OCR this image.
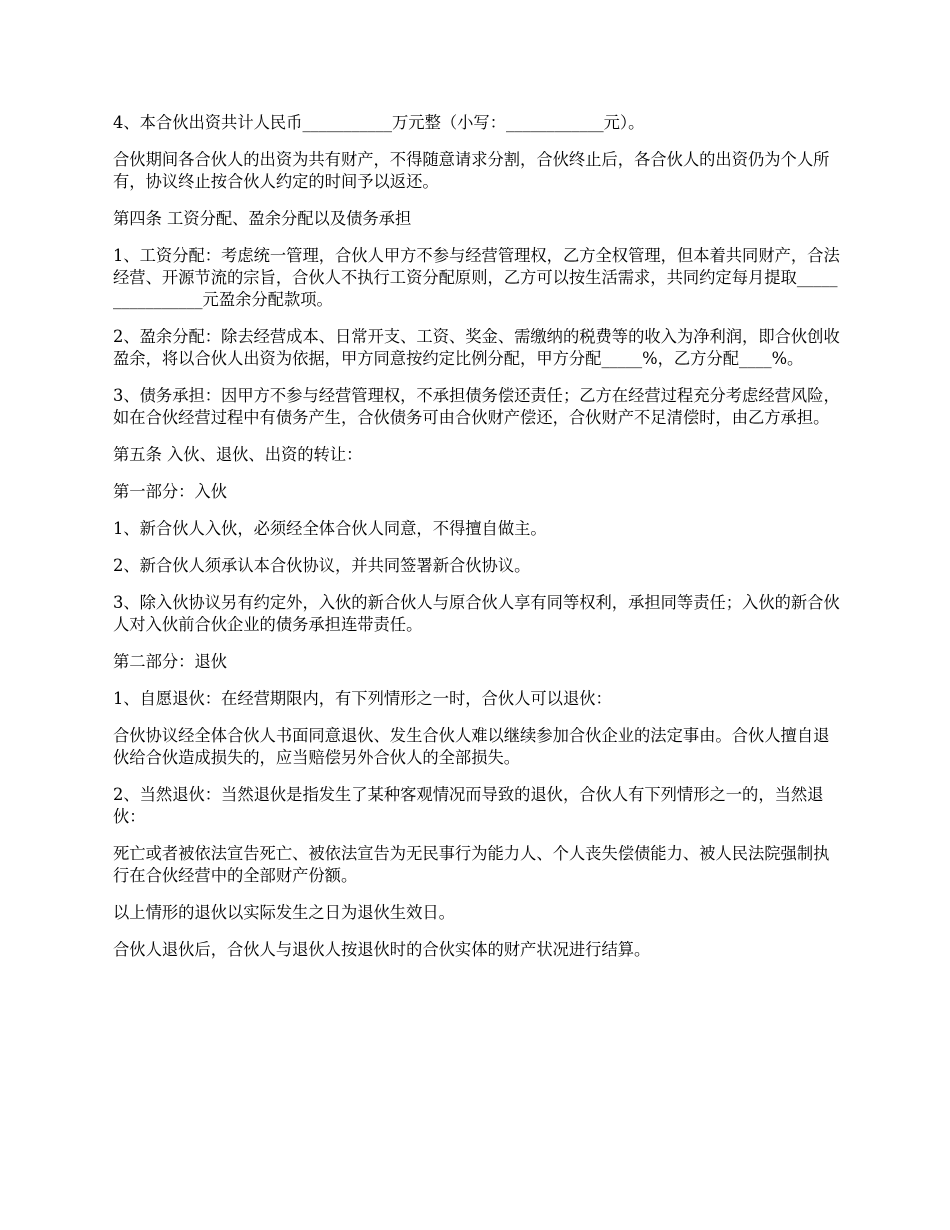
4、本合伙出资共计人民币___________万元整（小写：____________元）。

合伙期间各合伙人的出资为共有财产，不得随意请求分割，合伙终止后，各合伙人的出资仍为个人所有，协议终止按合伙人约定的时间予以返还。

第四条 工资分配、盈余分配以及债务承担

1、工资分配：考虑统一管理，合伙人甲方不参与经营管理权，乙方全权管理，但本着共同财产，合法经营、开源节流的宗旨，合伙人不执行工资分配原则，乙方可以按生活需求，共同约定每月提取________________元盈余分配款项。

2、盈余分配：除去经营成本、日常开支、工资、奖金、需缴纳的税费等的收入为净利润，即合伙创收盈余，将以合伙人出资为依据，甲方同意按约定比例分配，甲方分配_____%，乙方分配____%。

3、债务承担：因甲方不参与经营管理权，不承担债务偿还责任；乙方在经营过程充分考虑经营风险，如在合伙经营过程中有债务产生，合伙债务可由合伙财产偿还，合伙财产不足清偿时，由乙方承担。

第五条 入伙、退伙、出资的转让：

第一部分：入伙

1、新合伙人入伙，必须经全体合伙人同意，不得擅自做主。

2、新合伙人须承认本合伙协议，并共同签署新合伙协议。

3、除入伙协议另有约定外，入伙的新合伙人与原合伙人享有同等权利，承担同等责任；入伙的新合伙人对入伙前合伙企业的债务承担连带责任。

第二部分：退伙

1、自愿退伙：在经营期限内，有下列情形之一时，合伙人可以退伙：

合伙协议经全体合伙人书面同意退伙、发生合伙人难以继续参加合伙企业的法定事由。合伙人擅自退伙给合伙造成损失的，应当赔偿另外合伙人的全部损失。

2、当然退伙：当然退伙是指发生了某种客观情况而导致的退伙，合伙人有下列情形之一的，当然退伙：

死亡或者被依法宣告死亡、被依法宣告为无民事行为能力人、个人丧失偿债能力、被人民法院强制执行在合伙经营中的全部财产份额。

以上情形的退伙以实际发生之日为退伙生效日。

合伙人退伙后，合伙人与退伙人按退伙时的合伙实体的财产状况进行结算。
